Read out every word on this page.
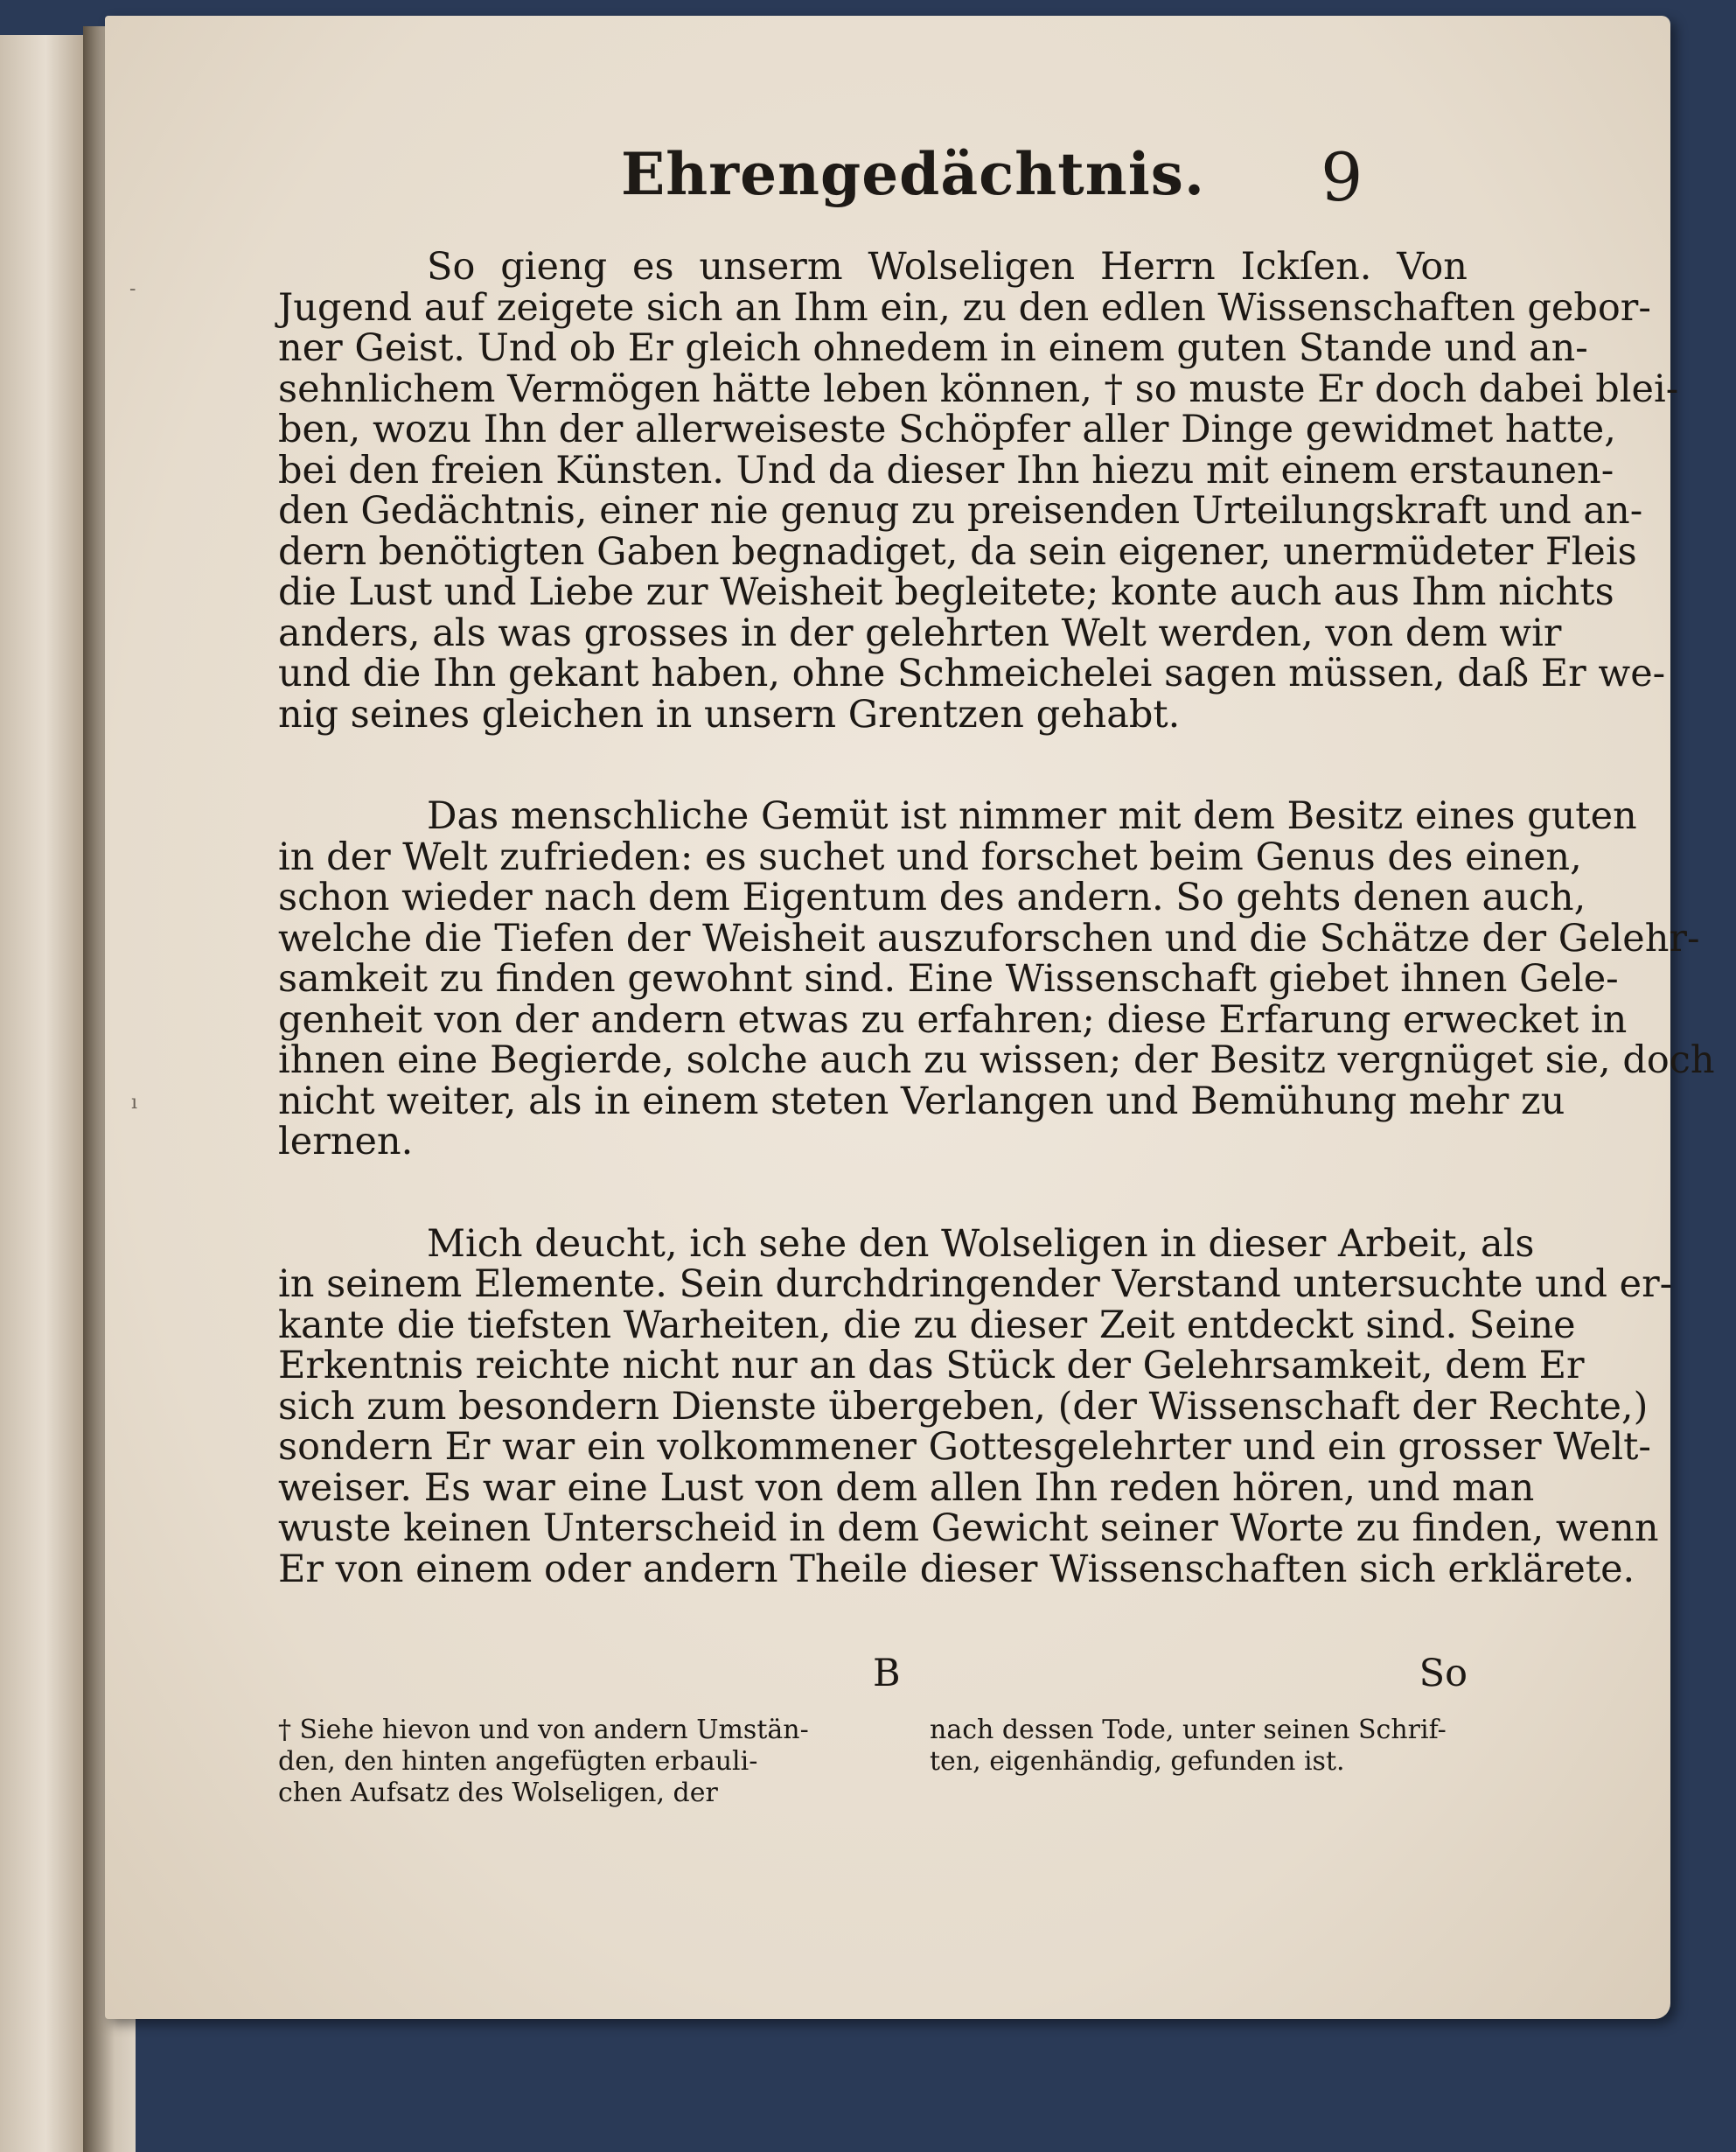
-
ı
Ehrengedächtnis. 9
So gieng es unserm Wolseligen Herrn Ickſen. Von
Jugend auf zeigete sich an Ihm ein, zu den edlen Wissenschaften gebor-
ner Geist. Und ob Er gleich ohnedem in einem guten Stande und an-
sehnlichem Vermögen hätte leben können, † so muste Er doch dabei blei-
ben, wozu Ihn der allerweiseste Schöpfer aller Dinge gewidmet hatte,
bei den freien Künsten. Und da dieser Ihn hiezu mit einem erstaunen-
den Gedächtnis, einer nie genug zu preisenden Urteilungskraft und an-
dern benötigten Gaben begnadiget, da sein eigener, unermüdeter Fleis
die Lust und Liebe zur Weisheit begleitete; konte auch aus Ihm nichts
anders, als was grosses in der gelehrten Welt werden, von dem wir
und die Ihn gekant haben, ohne Schmeichelei sagen müssen, daß Er we-
nig seines gleichen in unsern Grentzen gehabt.
Das menschliche Gemüt ist nimmer mit dem Besitz eines guten
in der Welt zufrieden: es suchet und forschet beim Genus des einen,
schon wieder nach dem Eigentum des andern. So gehts denen auch,
welche die Tiefen der Weisheit auszuforschen und die Schätze der Gelehr-
samkeit zu finden gewohnt sind. Eine Wissenschaft giebet ihnen Gele-
genheit von der andern etwas zu erfahren; diese Erfarung erwecket in
ihnen eine Begierde, solche auch zu wissen; der Besitz vergnüget sie, doch
nicht weiter, als in einem steten Verlangen und Bemühung mehr zu
lernen.
Mich deucht, ich sehe den Wolseligen in dieser Arbeit, als
in seinem Elemente. Sein durchdringender Verstand untersuchte und er-
kante die tiefsten Warheiten, die zu dieser Zeit entdeckt sind. Seine
Erkentnis reichte nicht nur an das Stück der Gelehrsamkeit, dem Er
sich zum besondern Dienste übergeben, (der Wissenschaft der Rechte,)
sondern Er war ein volkommener Gottesgelehrter und ein grosser Welt-
weiser. Es war eine Lust von dem allen Ihn reden hören, und man
wuste keinen Unterscheid in dem Gewicht seiner Worte zu finden, wenn
Er von einem oder andern Theile dieser Wissenschaften sich erklärete.
B	So
† Siehe hievon und von andern Umstän-
den, den hinten angefügten erbauli-
chen Aufsatz des Wolseligen, der
nach dessen Tode, unter seinen Schrif-
ten, eigenhändig, gefunden ist.
